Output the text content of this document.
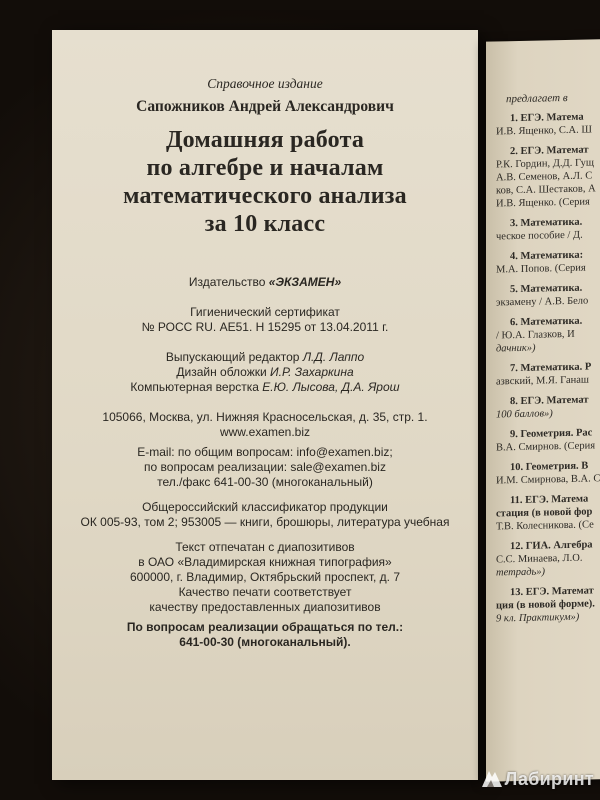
Справочное издание
Сапожников Андрей Александрович
Домашняя работа
по алгебре и началам
математического анализа
за 10 класс
Издательство «ЭКЗАМЕН»
Гигиенический сертификат
№ РОСС RU. АЕ51. Н 15295 от 13.04.2011 г.
Выпускающий редактор Л.Д. Лаппо
Дизайн обложки И.Р. Захаркина
Компьютерная верстка Е.Ю. Лысова, Д.А. Ярош
105066, Москва, ул. Нижняя Красносельская, д. 35, стр. 1.
www.examen.biz
E-mail: по общим вопросам: info@examen.biz;
по вопросам реализации: sale@examen.biz
тел./факс 641-00-30 (многоканальный)
Общероссийский классификатор продукции
ОК 005-93, том 2; 953005 — книги, брошюры, литература учебная
Текст отпечатан с диапозитивов
в ОАО «Владимирская книжная типография»
600000, г. Владимир, Октябрьский проспект, д. 7
Качество печати соответствует
качеству предоставленных диапозитивов
По вопросам реализации обращаться по тел.:
641-00-30 (многоканальный).
предлагает в
1. ЕГЭ. Матема
И.В. Ященко, С.А. Ш
2. ЕГЭ. Математ
Р.К. Гордин, Д.Д. Гущ
А.В. Семенов, А.Л. С
ков, С.А. Шестаков, А
И.В. Ященко. (Серия
3. Математика.
ческое пособие / Д.
4. Математика:
М.А. Попов. (Серия
5. Математика.
экзамену / А.В. Бело
6. Математика.
/ Ю.А. Глазков, И
дачник»)
7. Математика. Р
азвский, М.Я. Ганаш
8. ЕГЭ. Математ
100 баллов»)
9. Геометрия. Рас
В.А. Смирнов. (Серия
10. Геометрия. В
И.М. Смирнова, В.А. С
11. ЕГЭ. Матема
стация (в новой фор
Т.В. Колесникова. (Се
12. ГИА. Алгебра
С.С. Минаева, Л.О.
тетрадь»)
13. ЕГЭ. Математ
ция (в новой форме).
9 кл. Практикум»)
Лабиринт
